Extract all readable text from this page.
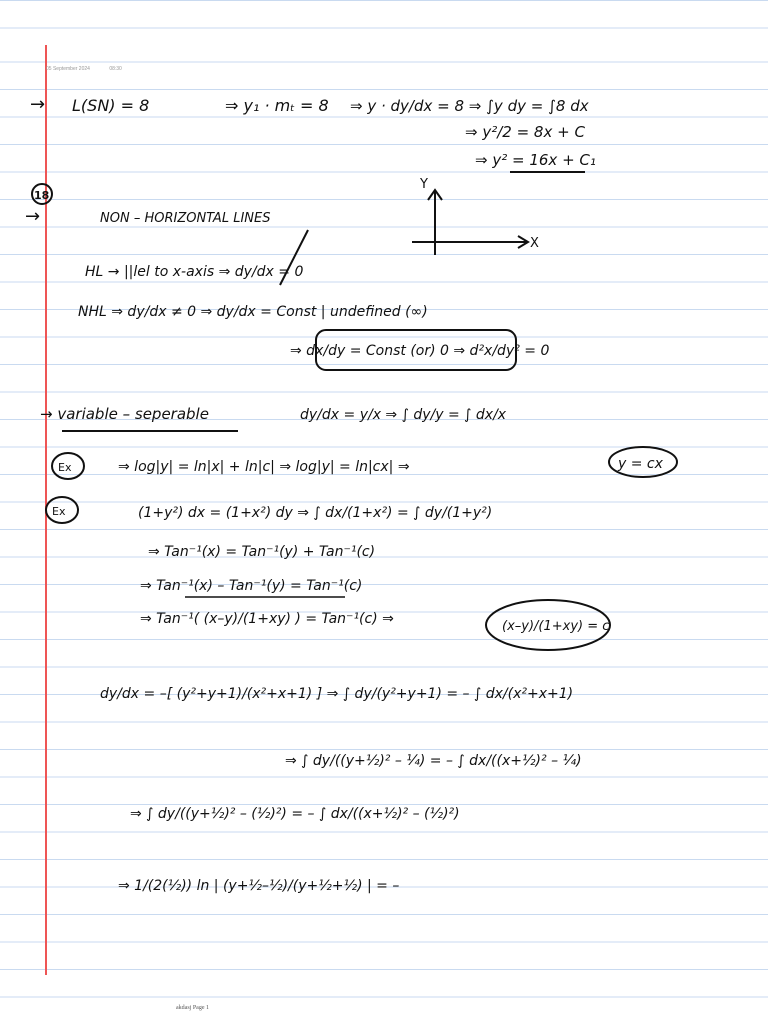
05 September 2024	08:30
→ L(SN) = 8	⇒ y₁ · mₜ = 8 ⇒ y · dy/dx = 8 ⇒ ∫y dy = ∫8 dx
⇒ y²/2 = 8x + C
⇒ y² = 16x + C₁
18
→	NON – HORIZONTAL LINES
Y
X
HL → ||lel to x-axis ⇒ dy/dx = 0
NHL ⇒ dy/dx ≠ 0 ⇒ dy/dx = Const | undefined (∞)
⇒ dx/dy = Const (or) 0 ⇒ d²x/dy² = 0
→ variable – seperable	dy/dx = y/x ⇒ ∫ dy/y = ∫ dx/x
Ex	⇒ log|y| = ln|x| + ln|c| ⇒ log|y| = ln|cx| ⇒	y = cx
Ex	(1+y²) dx = (1+x²) dy ⇒ ∫ dx/(1+x²) = ∫ dy/(1+y²)
⇒ Tan⁻¹(x) = Tan⁻¹(y) + Tan⁻¹(c)
⇒ Tan⁻¹(x) – Tan⁻¹(y) = Tan⁻¹(c)
⇒ Tan⁻¹( (x–y)/(1+xy) ) = Tan⁻¹(c) ⇒	(x–y)/(1+xy) = c
dy/dx = –[ (y²+y+1)/(x²+x+1) ] ⇒ ∫ dy/(y²+y+1) = – ∫ dx/(x²+x+1)
⇒ ∫ dy/((y+½)² – ¼) = – ∫ dx/((x+½)² – ¼)
⇒ ∫ dy/((y+½)² – (½)²) = – ∫ dx/((x+½)² – (½)²)
⇒ 1/(2(½)) ln | (y+½–½)/(y+½+½) | = –
akdasj Page 1
